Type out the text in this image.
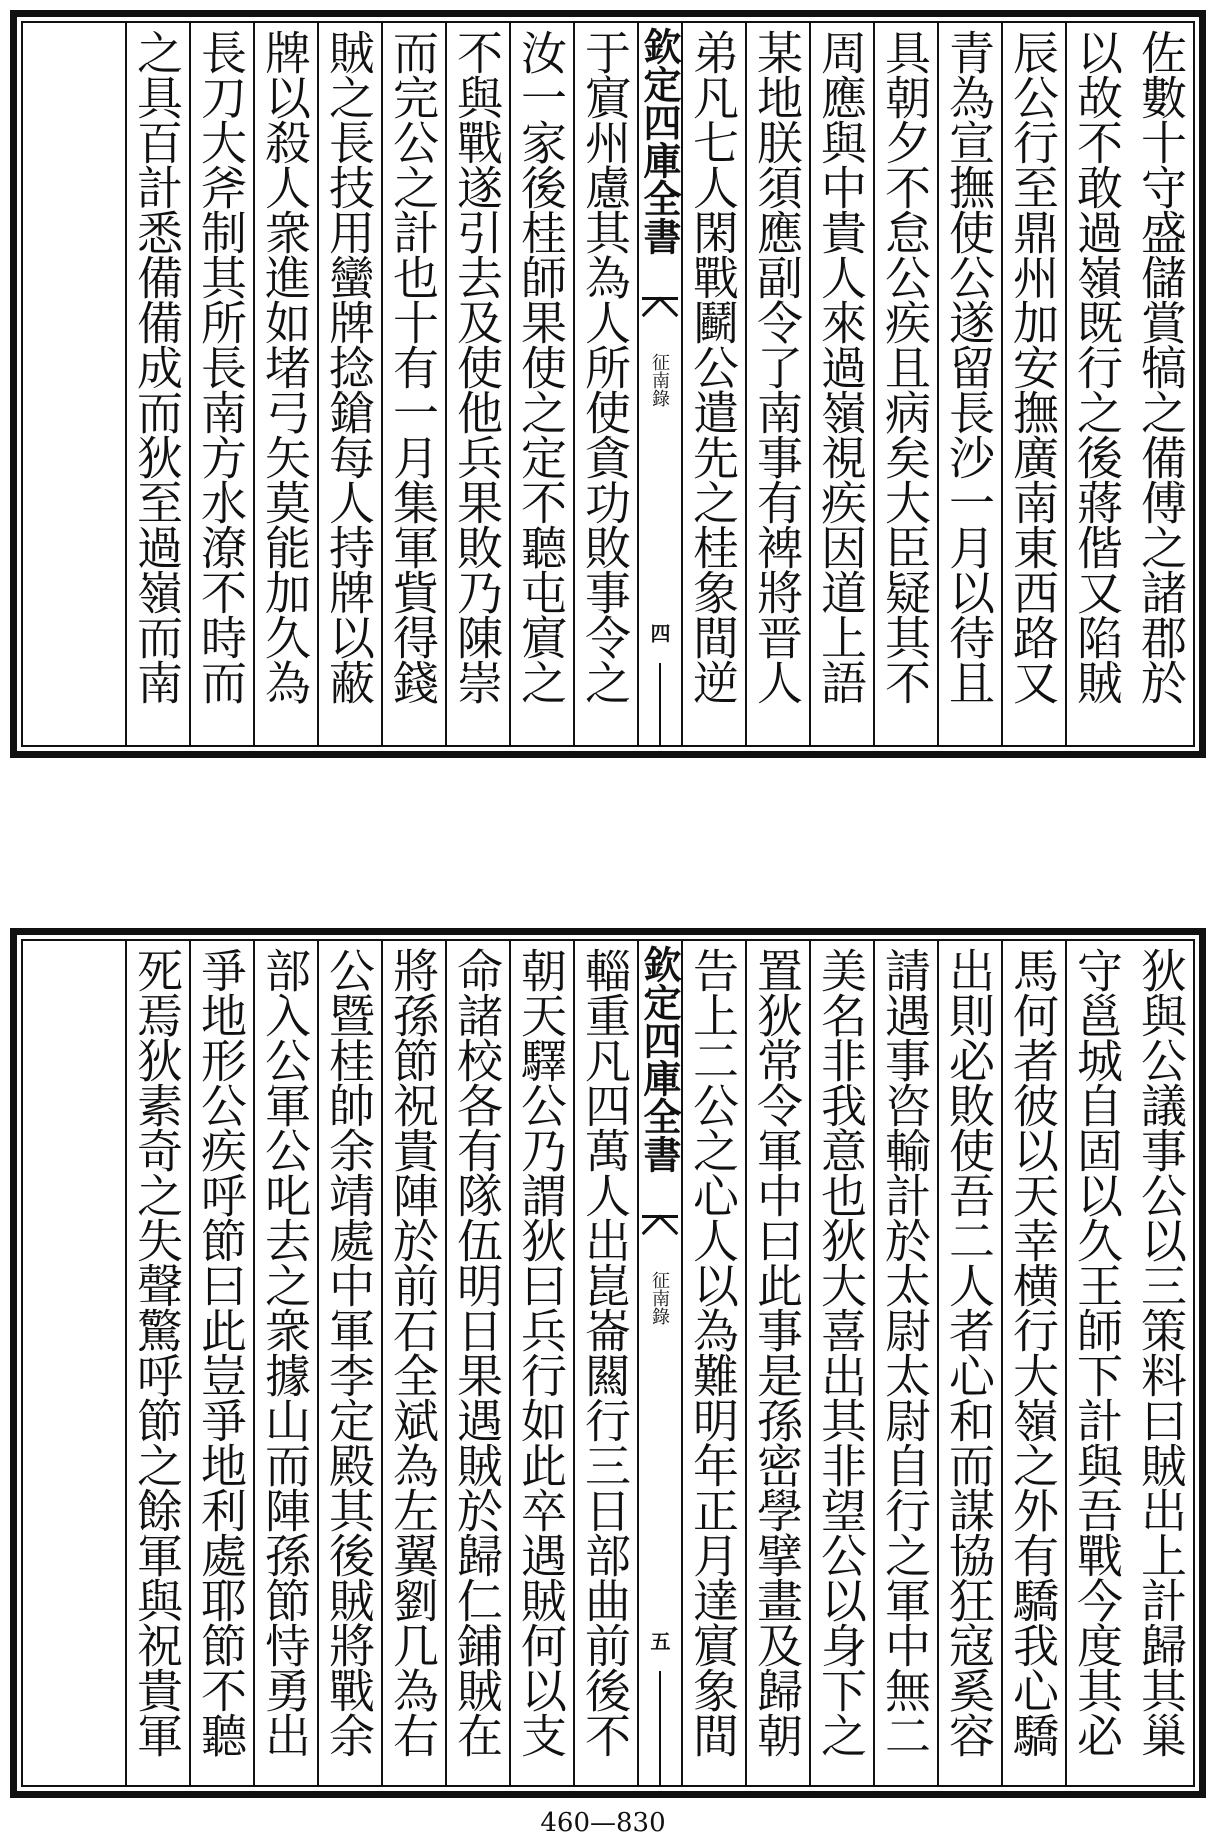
佐數十守盛儲賞犒之備傅之諸郡於
以故不敢過嶺既行之後蔣偕又陷賊
辰公行至鼎州加安撫廣南東西路又
青為宣撫使公遂留長沙一月以待且
具朝夕不怠公疾且病矣大臣疑其不
周應與中貴人來過嶺視疾因道上語
某地朕須應副令了南事有裨將晋人
弟凡七人閑戰鬬公遣先之桂象間逆
欽定四庫全書
征南錄
四
于賔州慮其為人所使貪功敗事令之
汝一家後桂師果使之定不聽屯賔之
不與戰遂引去及使他兵果敗乃陳崇
而完公之計也十有一月集軍貲得錢
賊之長技用蠻牌捻鎗每人持牌以蔽
牌以殺人衆進如堵弓矢莫能加久為
長刀大斧制其所長南方水潦不時而
之具百計悉備備成而狄至過嶺而南
狄與公議事公以三策料曰賊出上計歸其巢
守邕城自固以久王師下計與吾戰今度其必
馬何者彼以天幸横行大嶺之外有驕我心驕
出則必敗使吾二人者心和而謀協狂寇奚容
請遇事咨輸計於太尉太尉自行之軍中無二
美名非我意也狄大喜出其非望公以身下之
置狄常令軍中曰此事是孫密學擘畫及歸朝
告上二公之心人以為難明年正月達賔象間
欽定四庫全書
征南錄
五
輜重凡四萬人出崑崙闗行三日部曲前後不
朝天驛公乃謂狄曰兵行如此卒遇賊何以支
命諸校各有隊伍明日果遇賊於歸仁鋪賊在
將孫節祝貴陣於前石全斌為左翼劉几為右
公暨桂帥余靖處中軍李定殿其後賊將戰余
部入公軍公叱去之衆據山而陣孫節恃勇出
爭地形公疾呼節曰此豈爭地利處耶節不聽
死焉狄素奇之失聲驚呼節之餘軍與祝貴軍
460—830
